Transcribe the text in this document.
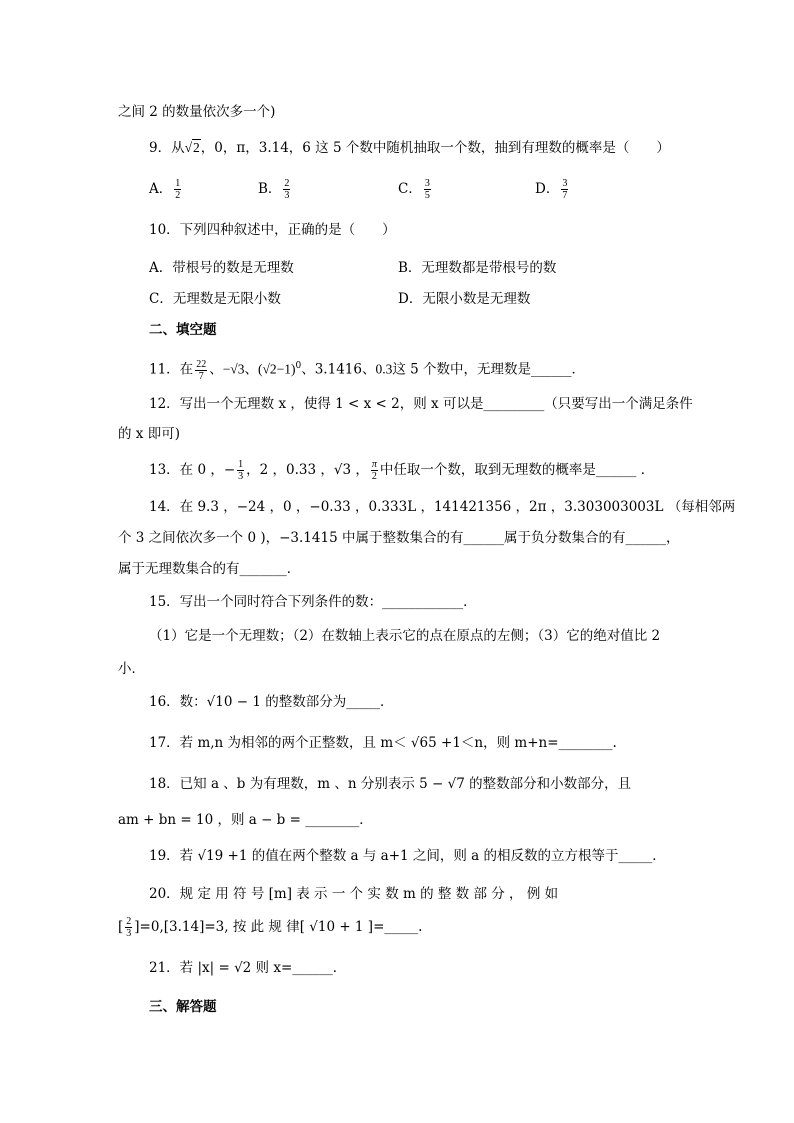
之间 2 的数量依次多一个)
9．从√2，0，π，3.14，6 这 5 个数中随机抽取一个数，抽到有理数的概率是（　　）
A． $\frac{1}{2}$	B． $\frac{2}{3}$	C． $\frac{3}{5}$	D． $\frac{3}{7}$
10．下列四种叙述中，正确的是（　　）
A．带根号的数是无理数	B．无理数都是带根号的数
C．无理数是无限小数	D．无限小数是无理数
二、填空题
11．在 $\frac{22}{7}$ 、−√3、$(√2-1)^0$、3.1416、0.3这 5 个数中，无理数是______．
12．写出一个无理数 x ，使得 1 < x < 2，则 x 可以是_________（只要写出一个满足条件
的 x 即可)
13．在 0 ，− $\frac{1}{3}$ ，2 ，0.33 ，√3 ， $\frac{\pi}{2}$ 中任取一个数，取到无理数的概率是______ ．
14．在 9.3 ，−24 ，0 ，−0.33 ，0.333L ，141421356 ，2π ，3.303003003L （每相邻两
个 3 之间依次多一个 0 )，−3.1415 中属于整数集合的有______属于负分数集合的有______，
属于无理数集合的有_______．
15．写出一个同时符合下列条件的数：____________．
（1）它是一个无理数；（2）在数轴上表示它的点在原点的左侧；（3）它的绝对值比 2
小．
16．数：√10 − 1 的整数部分为_____．
17．若 m,n 为相邻的两个正整数，且 m＜ √65 +1＜n，则 m+n=________.
18．已知 a 、b 为有理数，m 、n 分别表示 5 − √7 的整数部分和小数部分，且
am + bn = 10 ，则 a − b = ________．
19．若 √19 +1 的值在两个整数 a 与 a+1 之间，则 a 的相反数的立方根等于_____．
20．规 定 用 符 号 [m] 表 示 一 个 实 数 m 的 整 数 部 分 ， 例 如
[ $\frac{2}{3} ]=0,[3.14]=3$, 按 此 规 律[ √10 + 1 ]=_____.
21．若 |x| = √2 则 x=______．
三、解答题
